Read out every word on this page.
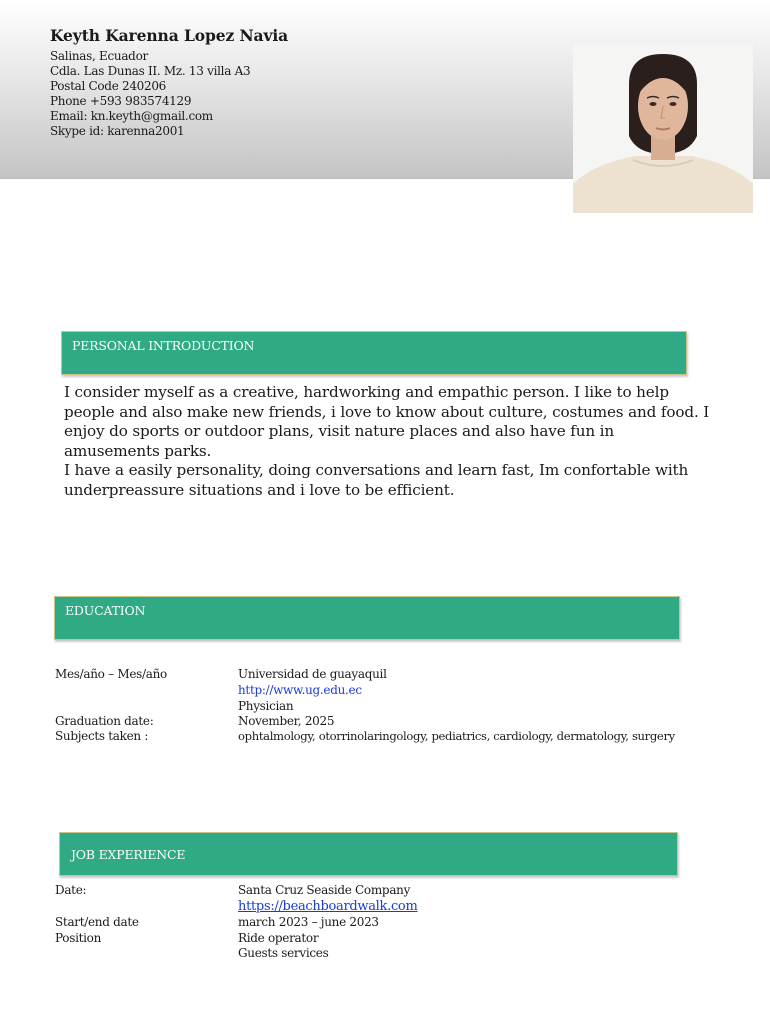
Keyth Karenna Lopez Navia
Salinas, Ecuador
Cdla. Las Dunas II. Mz. 13 villa A3
Postal Code 240206
Phone +593 983574129
Email: kn.keyth@gmail.com
Skype id: karenna2001
PERSONAL INTRODUCTION

I consider myself as a creative, hardworking and empathic person. I like to help people and also make new friends, i love to know about culture, costumes and food. I enjoy do sports or outdoor plans, visit nature places and also have fun in amusements parks.

I have a easily personality, doing conversations and learn fast, Im confortable with underpreassure situations and i love to be efficient.

EDUCATION
Mes/año – Mes/año	Universidad de guayaquil
http://www.ug.edu.ec
Physician
Graduation date:	November, 2025
Subjects taken :	ophtalmology, otorrinolaringology, pediatrics, cardiology, dermatology, surgery
JOB EXPERIENCE
Date:	Santa Cruz Seaside Company
https://beachboardwalk.com
Start/end date	march 2023 – june 2023
Position	Ride operator
Guests services
